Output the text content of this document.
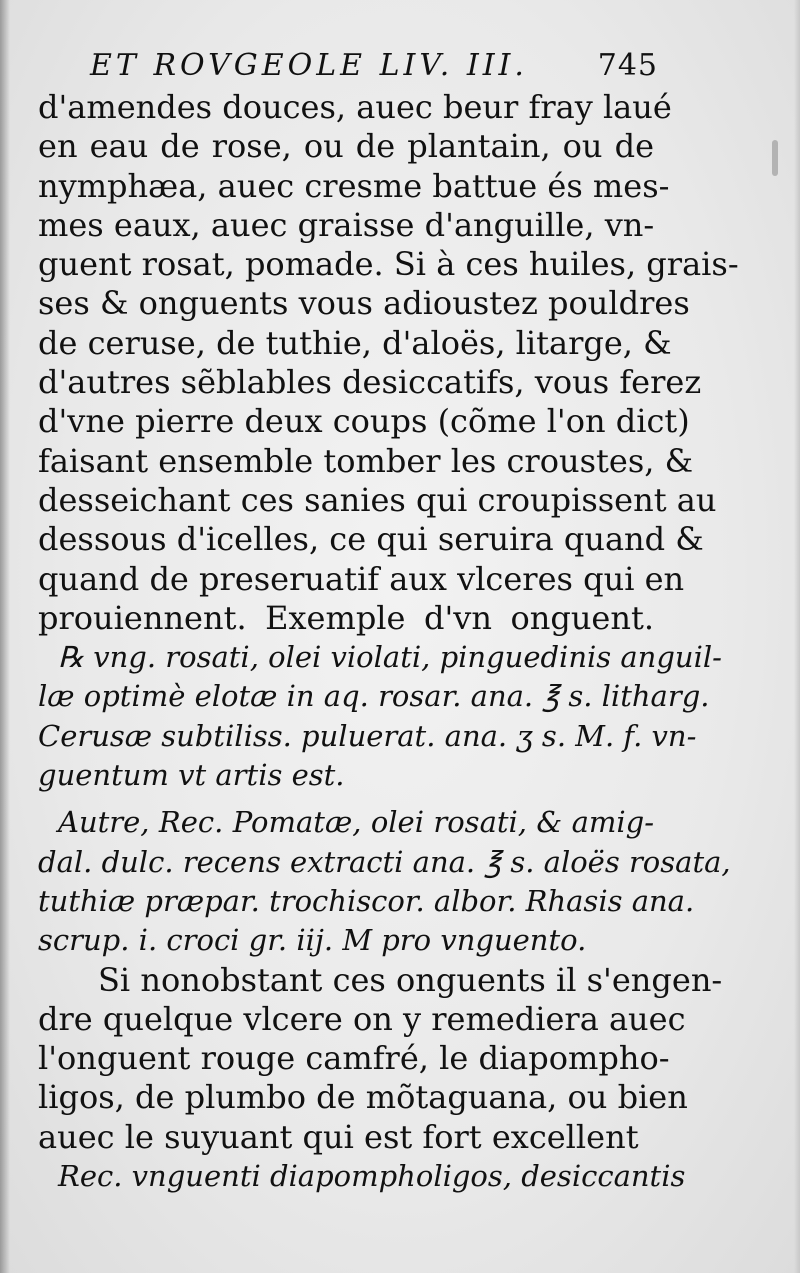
ET ROVGEOLE LIV. III. 745
d'amendes douces, auec beur fray laué
en eau de rose, ou de plantain, ou de
nymphæa, auec cresme battue és mes-
mes eaux, auec graisse d'anguille, vn-
guent rosat, pomade. Si à ces huiles, grais-
ses & onguents vous adioustez pouldres
de ceruse, de tuthie, d'aloës, litarge, &
d'autres sẽblables desiccatifs, vous ferez
d'vne pierre deux coups (cõme l'on dict)
faisant ensemble tomber les croustes, &
desseichant ces sanies qui croupissent au
dessous d'icelles, ce qui seruira quand &
quand de preseruatif aux vlceres qui en
prouiennent. Exemple d'vn onguent.
℞ vng. rosati, olei violati, pinguedinis anguil-
læ optimè elotæ in aq. rosar. ana. ℥ s. litharg.
Cerusæ subtiliss. puluerat. ana. ʒ s. M. f. vn-
guentum vt artis est.
Autre, Rec. Pomatæ, olei rosati, & amig-
dal. dulc. recens extracti ana. ℥ s. aloës rosata,
tuthiæ præpar. trochiscor. albor. Rhasis ana.
scrup. i. croci gr. iij. M pro vnguento.
Si nonobstant ces onguents il s'engen-
dre quelque vlcere on y remediera auec
l'onguent rouge camfré, le diapompho-
ligos, de plumbo de mõtaguana, ou bien
auec le suyuant qui est fort excellent
Rec. vnguenti diapompholigos, desiccantis
